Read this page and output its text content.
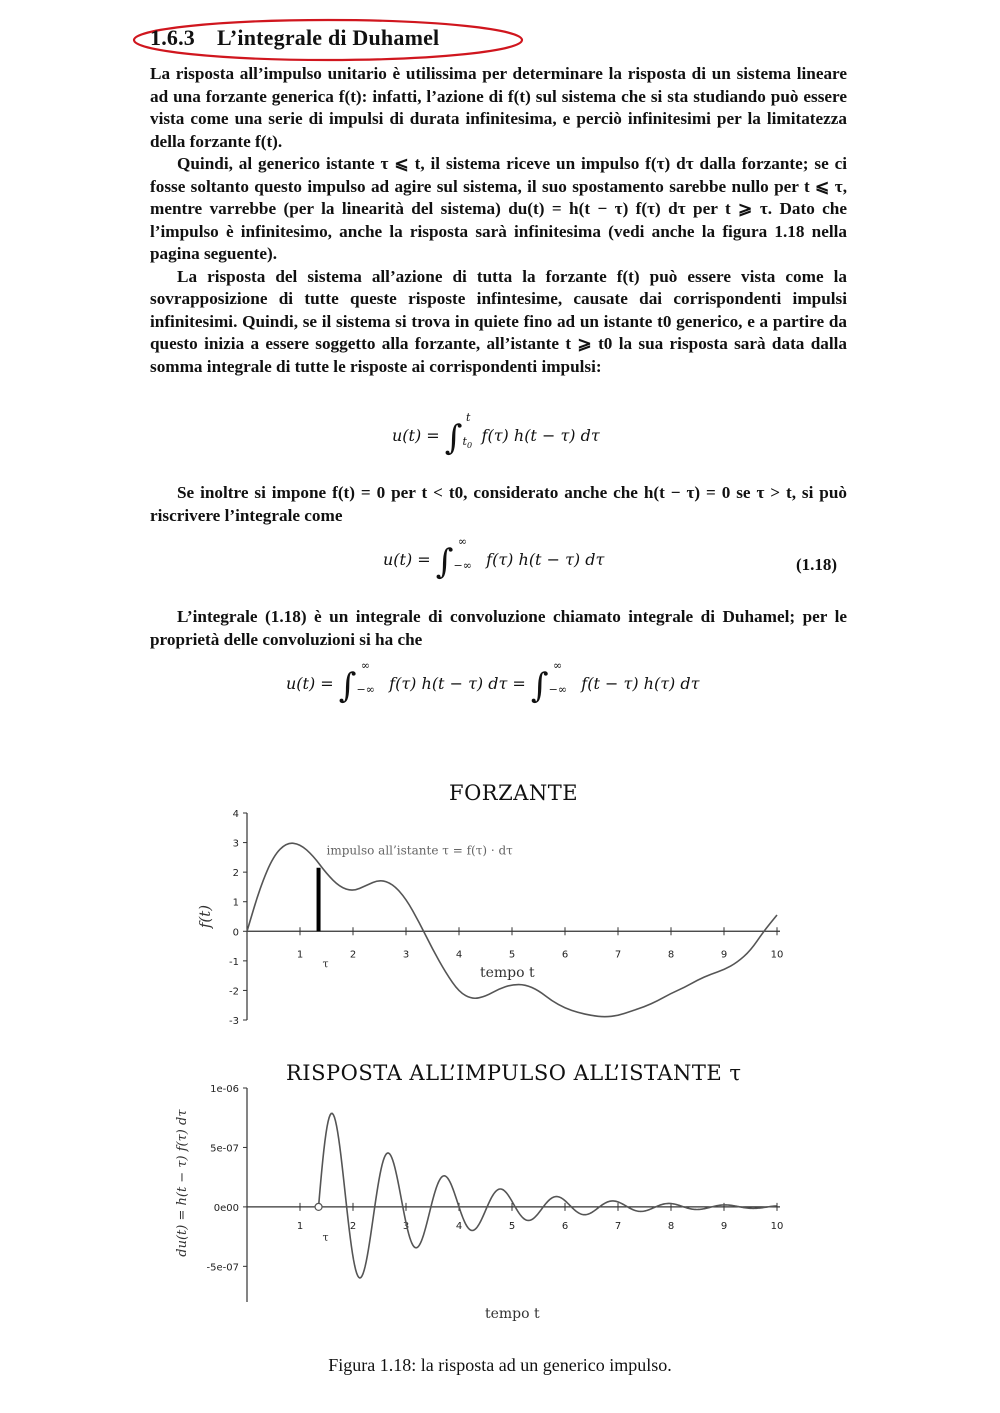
1.6.3 L’integrale di Duhamel

La risposta all’impulso unitario è utilissima per determinare la risposta di un sistema lineare ad una forzante generica f(t): infatti, l’azione di f(t) sul sistema che si sta studiando può essere vista come una serie di impulsi di durata infinitesima, e perciò infinitesimi per la limitatezza della forzante f(t).

Quindi, al generico istante τ ⩽ t, il sistema riceve un impulso f(τ) dτ dalla forzante; se ci fosse soltanto questo impulso ad agire sul sistema, il suo spostamento sarebbe nullo per t ⩽ τ, mentre varrebbe (per la linearità del sistema) du(t) = h(t − τ) f(τ) dτ per t ⩾ τ. Dato che l’impulso è infinitesimo, anche la risposta sarà infinitesima (vedi anche la figura 1.18 nella pagina seguente).

La risposta del sistema all’azione di tutta la forzante f(t) può essere vista come la sovrapposizione di tutte queste risposte infintesime, causate dai corrispondenti impulsi infinitesimi. Quindi, se il sistema si trova in quiete fino ad un istante t0 generico, e a partire da questo inizia a essere soggetto alla forzante, all’istante t ⩾ t0 la sua risposta sarà data dalla somma integrale di tutte le risposte ai corrispondenti impulsi:

$u(t) = \int_{t_0}^t$ f(τ) h(t − τ) dτ

Se inoltre si impone f(t) = 0 per t < t0, considerato anche che h(t − τ) = 0 se τ > t, si può riscrivere l’integrale come

$u(t) = \int_{-\infty}^\infty$ f(τ) h(t − τ) dτ	(1.18)

L’integrale (1.18) è un integrale di convoluzione chiamato integrale di Duhamel; per le proprietà delle convoluzioni si ha che

$u(t) = \int_{-\infty}^\infty$ f(τ) h(t − τ) $d\tau = \int_{-\infty}^\infty$ f(t − τ) h(τ) dτ
FORZANTE
RISPOSTA ALL’IMPULSO ALL’ISTANTE τ
4
3
2
1
0
-1
-2
-3
1	2	3	4	5	6	7	8	9	10
impulso all’istante τ = f(τ) · dτ
τ
tempo t
f(t)
1e-06
5e-07
0e00
-5e-07
1	2	3	4	5	6	7	8	9	10
τ
tempo t
du(t) = h(t − τ) f(τ) dτ
Figura 1.18: la risposta ad un generico impulso.
